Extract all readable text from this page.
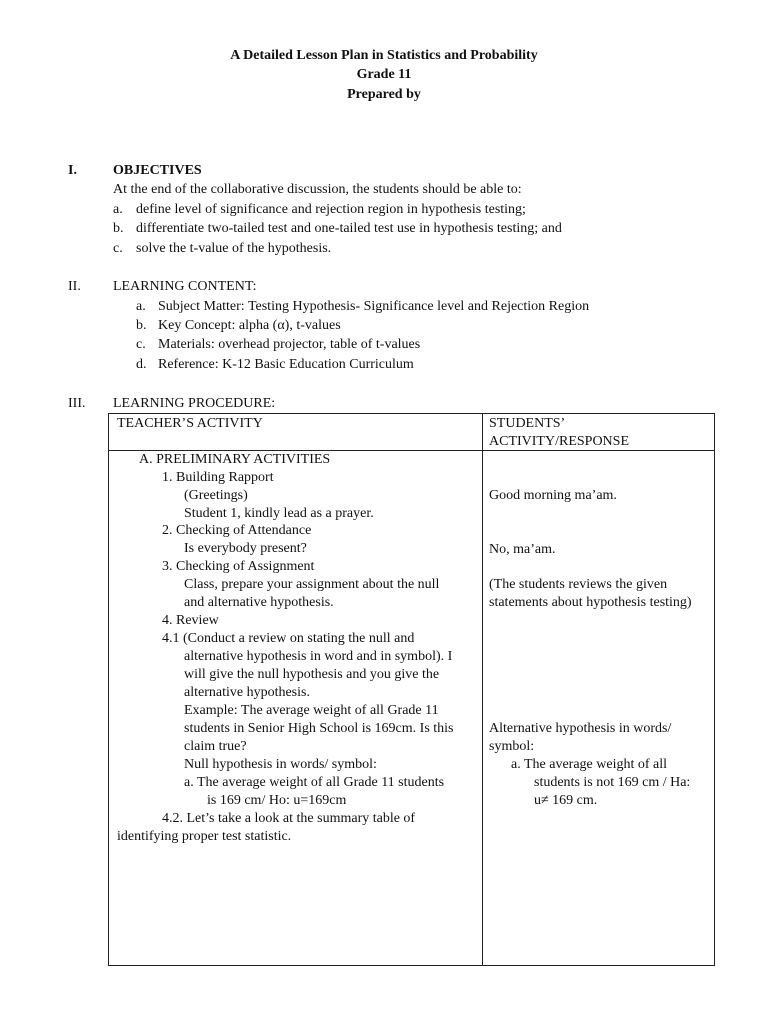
A Detailed Lesson Plan in Statistics and Probability
Grade 11
Prepared by
I.	OBJECTIVES
At the end of the collaborative discussion, the students should be able to:
a. define level of significance and rejection region in hypothesis testing;
b. differentiate two-tailed test and one-tailed test use in hypothesis testing; and
c. solve the t-value of the hypothesis.
II. LEARNING CONTENT:
a. Subject Matter: Testing Hypothesis- Significance level and Rejection Region
b. Key Concept: alpha (α), t-values
c. Materials: overhead projector, table of t-values
d. Reference: K-12 Basic Education Curriculum
III. LEARNING PROCEDURE:
TEACHER’S ACTIVITY	STUDENTS’
ACTIVITY/RESPONSE
A. PRELIMINARY ACTIVITIES
1. Building Rapport
(Greetings)
Student 1, kindly lead as a prayer.
2. Checking of Attendance
Is everybody present?
3. Checking of Assignment
Class, prepare your assignment about the null
and alternative hypothesis.
4. Review
4.1 (Conduct a review on stating the null and
alternative hypothesis in word and in symbol). I
will give the null hypothesis and you give the
alternative hypothesis.
Example: The average weight of all Grade 11
students in Senior High School is 169cm. Is this
claim true?
Null hypothesis in words/ symbol:
a. The average weight of all Grade 11 students
is 169 cm/ Ho: u=169cm
4.2. Let’s take a look at the summary table of
identifying proper test statistic.
Good morning ma’am.
No, ma’am.
(The students reviews the given
statements about hypothesis testing)
Alternative hypothesis in words/
symbol:
a. The average weight of all
students is not 169 cm / Ha:
u≠ 169 cm.
